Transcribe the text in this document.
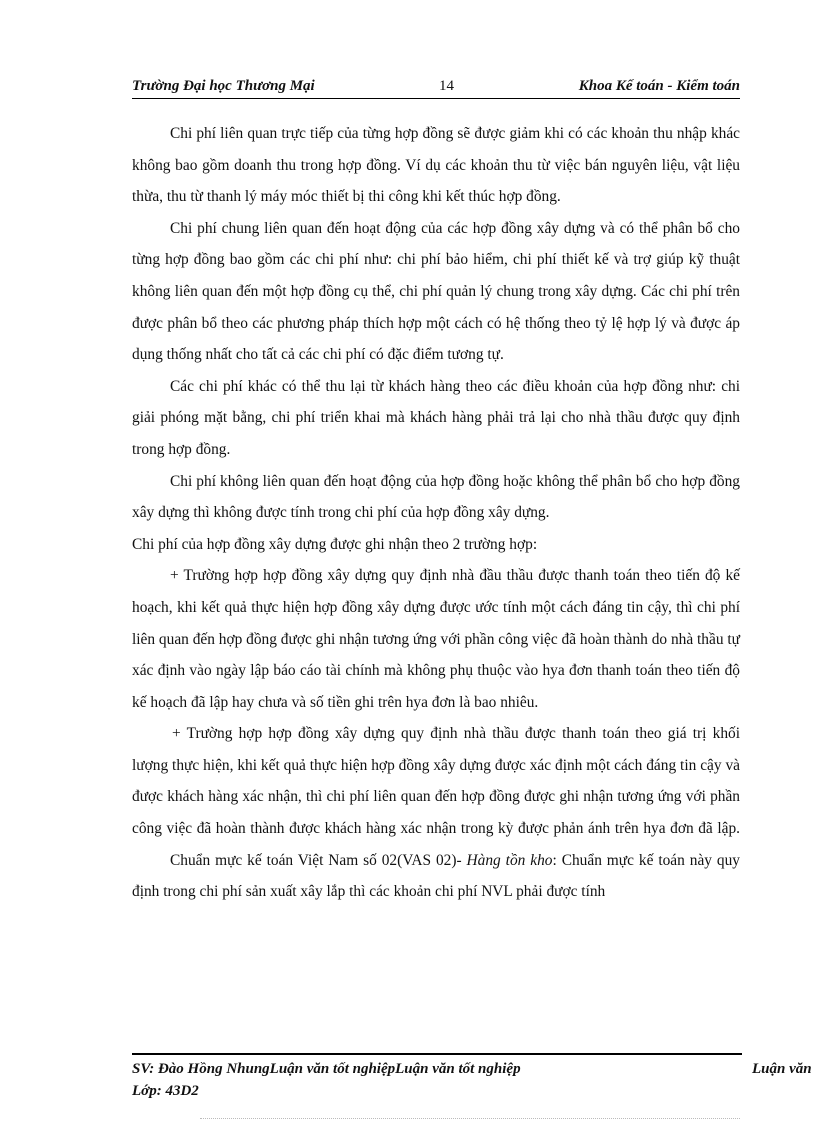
Trường Đại học Thương Mại	14	Khoa Kế toán - Kiểm toán

Chi phí liên quan trực tiếp của từng hợp đồng sẽ được giảm khi có các khoản thu nhập khác không bao gồm doanh thu trong hợp đồng. Ví dụ các khoản thu từ việc bán nguyên liệu, vật liệu thừa, thu từ thanh lý máy móc thiết bị thi công khi kết thúc hợp đồng.

Chi phí chung liên quan đến hoạt động của các hợp đồng xây dựng và có thể phân bổ cho từng hợp đồng bao gồm các chi phí như: chi phí bảo hiểm, chi phí thiết kế và trợ giúp kỹ thuật không liên quan đến một hợp đồng cụ thể, chi phí quản lý chung trong xây dựng. Các chi phí trên được phân bổ theo các phương pháp thích hợp một cách có hệ thống theo tỷ lệ hợp lý và được áp dụng thống nhất cho tất cả các chi phí có đặc điểm tương tự.

Các chi phí khác có thể thu lại từ khách hàng theo các điều khoản của hợp đồng như: chi giải phóng mặt bằng, chi phí triển khai mà khách hàng phải trả lại cho nhà thầu được quy định trong hợp đồng.

Chi phí không liên quan đến hoạt động của hợp đồng hoặc không thể phân bổ cho hợp đồng xây dựng thì không được tính trong chi phí của hợp đồng xây dựng.

Chi phí của hợp đồng xây dựng được ghi nhận theo 2 trường hợp:

+ Trường hợp hợp đồng xây dựng quy định nhà đầu thầu được thanh toán theo tiến độ kế hoạch, khi kết quả thực hiện hợp đồng xây dựng được ước tính một cách đáng tin cậy, thì chi phí liên quan đến hợp đồng được ghi nhận tương ứng với phần công việc đã hoàn thành do nhà thầu tự xác định vào ngày lập báo cáo tài chính mà không phụ thuộc vào hya đơn thanh toán theo tiến độ kế hoạch đã lập hay chưa và số tiền ghi trên hya đơn là bao nhiêu.

+ Trường hợp hợp đồng xây dựng quy định nhà thầu được thanh toán theo giá trị khối lượng thực hiện, khi kết quả thực hiện hợp đồng xây dựng được xác định một cách đáng tin cậy và được khách hàng xác nhận, thì chi phí liên quan đến hợp đồng được ghi nhận tương ứng với phần công việc đã hoàn thành được khách hàng xác nhận trong kỳ được phản ánh trên hya đơn đã lập.

Chuẩn mực kế toán Việt Nam số 02(VAS 02)- Hàng tồn kho: Chuẩn mực kế toán này quy định trong chi phí sản xuất xây lắp thì các khoản chi phí NVL phải được tính

SV: Đào Hồng NhungLuận văn tốt nghiệpLuận văn tốt nghiệp	Luận văn
Lớp: 43D2
